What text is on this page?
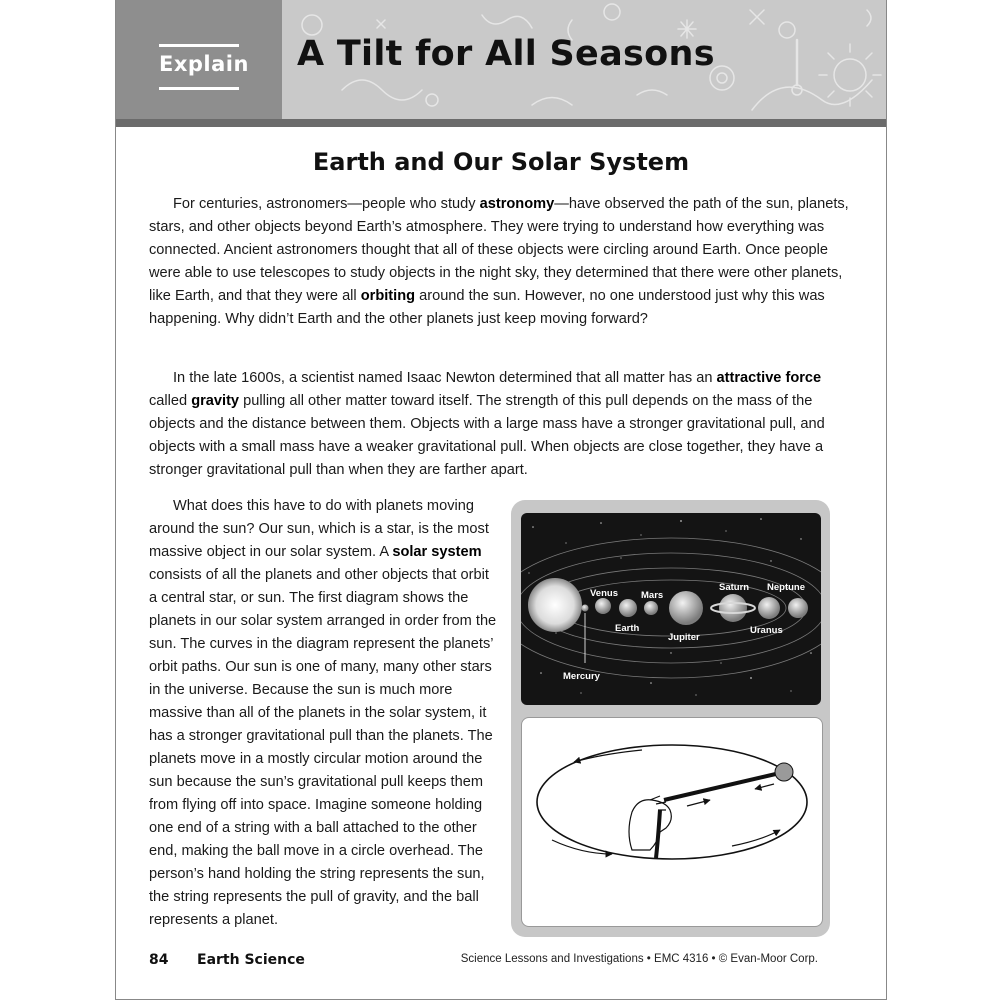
Explain A Tilt for All Seasons
Earth and Our Solar System

For centuries, astronomers—people who study astronomy—have observed the path of the sun, planets, stars, and other objects beyond Earth’s atmosphere. They were trying to understand how everything was connected. Ancient astronomers thought that all of these objects were circling around Earth. Once people were able to use telescopes to study objects in the night sky, they determined that there were other planets, like Earth, and that they were all orbiting around the sun. However, no one understood just why this was happening. Why didn’t Earth and the other planets just keep moving forward?

In the late 1600s, a scientist named Isaac Newton determined that all matter has an attractive force called gravity pulling all other matter toward itself. The strength of this pull depends on the mass of the objects and the distance between them. Objects with a large mass have a stronger gravitational pull, and objects with a small mass have a weaker gravitational pull. When objects are close together, they have a stronger gravitational pull than when they are farther apart.

What does this have to do with planets moving around the sun? Our sun, which is a star, is the most massive object in our solar system. A solar system consists of all the planets and other objects that orbit a central star, or sun. The first diagram shows the planets in our solar system arranged in order from the sun. The curves in the diagram represent the planets’ orbit paths. Our sun is one of many, many other stars in the universe. Because the sun is much more massive than all of the planets in the solar system, it has a stronger gravitational pull than the planets. The planets move in a mostly circular motion around the sun because the sun’s gravitational pull keeps them from flying off into space. Imagine someone holding one end of a string with a ball attached to the other end, making the ball move in a circle overhead. The person’s hand holding the string represents the sun, the string represents the pull of gravity, and the ball represents a planet.

Venus Mars
Earth
Jupiter
Saturn Neptune
Uranus
Mercury
84 Earth Science	Science Lessons and Investigations • EMC 4316 • © Evan-Moor Corp.
